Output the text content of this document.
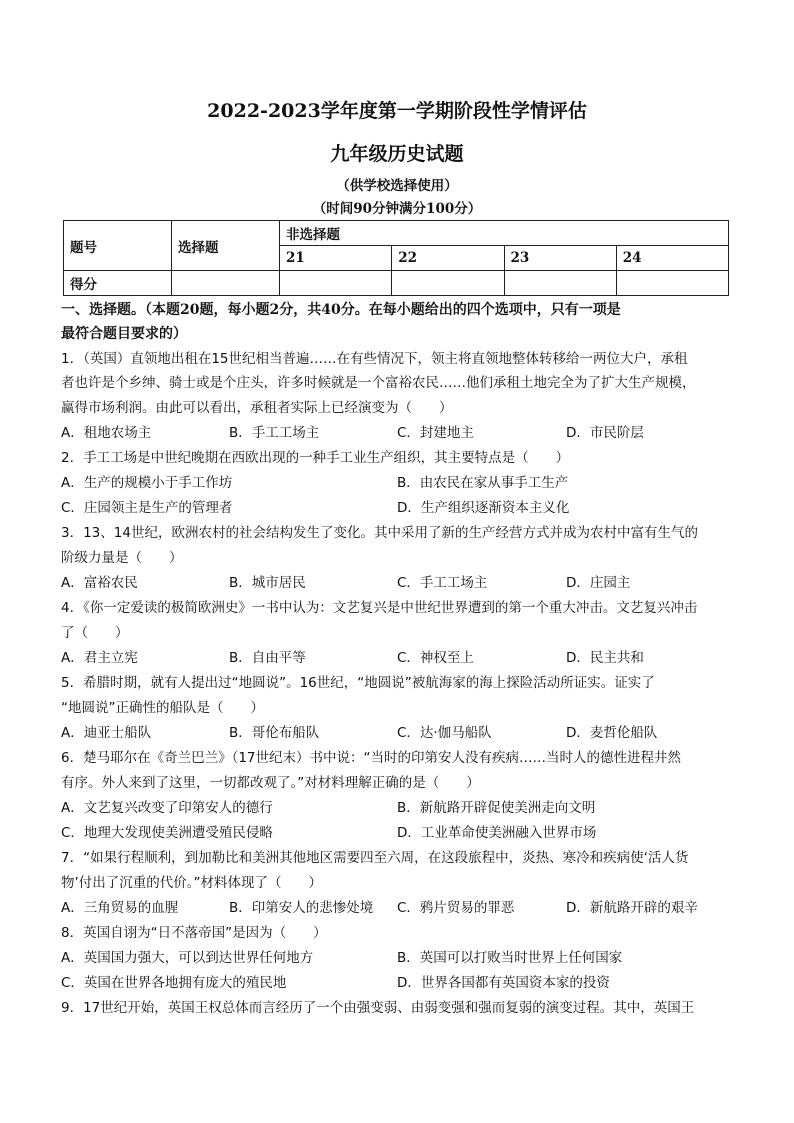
2022-2023学年度第一学期阶段性学情评估
九年级历史试题
（供学校选择使用）
（时间90分钟满分100分）
题号	选择题	非选择题			
		21	22	23	24
得分					
一、选择题。（本题20题，每小题2分，共40分。在每小题给出的四个选项中，只有一项是
最符合题目要求的）
1．（英国）直领地出租在15世纪相当普遍……在有些情况下，领主将直领地整体转移给一两位大户，承租
者也许是个乡绅、骑士或是个庄头，许多时候就是一个富裕农民……他们承租土地完全为了扩大生产规模，
赢得市场利润。由此可以看出，承租者实际上已经演变为（　　）
A．租地农场主	B．手工工场主	C．封建地主	D．市民阶层
2．手工工场是中世纪晚期在西欧出现的一种手工业生产组织，其主要特点是（　　）
A．生产的规模小于手工作坊	B．由农民在家从事手工生产
C．庄园领主是生产的管理者	D．生产组织逐渐资本主义化
3．13、14世纪，欧洲农村的社会结构发生了变化。其中采用了新的生产经营方式并成为农村中富有生气的
阶级力量是（　　）
A．富裕农民	B．城市居民	C．手工工场主	D．庄园主
4．《你一定爱读的极简欧洲史》一书中认为：文艺复兴是中世纪世界遭到的第一个重大冲击。文艺复兴冲击
了（　　）
A．君主立宪	B．自由平等	C．神权至上	D．民主共和
5．希腊时期，就有人提出过“地圆说”。16世纪，“地圆说”被航海家的海上探险活动所证实。证实了
“地圆说”正确性的船队是（　　）
A．迪亚士船队	B．哥伦布船队	C．达·伽马船队	D．麦哲伦船队
6．楚马耶尔在《奇兰巴兰》（17世纪末）书中说：“当时的印第安人没有疾病……当时人的德性进程井然
有序。外人来到了这里，一切都改观了。”对材料理解正确的是（　　）
A．文艺复兴改变了印第安人的德行	B．新航路开辟促使美洲走向文明
C．地理大发现使美洲遭受殖民侵略	D．工业革命使美洲融入世界市场
7．“如果行程顺利，到加勒比和美洲其他地区需要四至六周，在这段旅程中，炎热、寒冷和疾病使‘活人货
物’付出了沉重的代价。”材料体现了（　　）
A．三角贸易的血腥	B．印第安人的悲惨处境 C．鸦片贸易的罪恶	D．新航路开辟的艰辛
8．英国自诩为“日不落帝国”是因为（　　）
A．英国国力强大，可以到达世界任何地方	B．英国可以打败当时世界上任何国家
C．英国在世界各地拥有庞大的殖民地	D．世界各国都有英国资本家的投资
9．17世纪开始，英国王权总体而言经历了一个由强变弱、由弱变强和强而复弱的演变过程。其中，英国王
